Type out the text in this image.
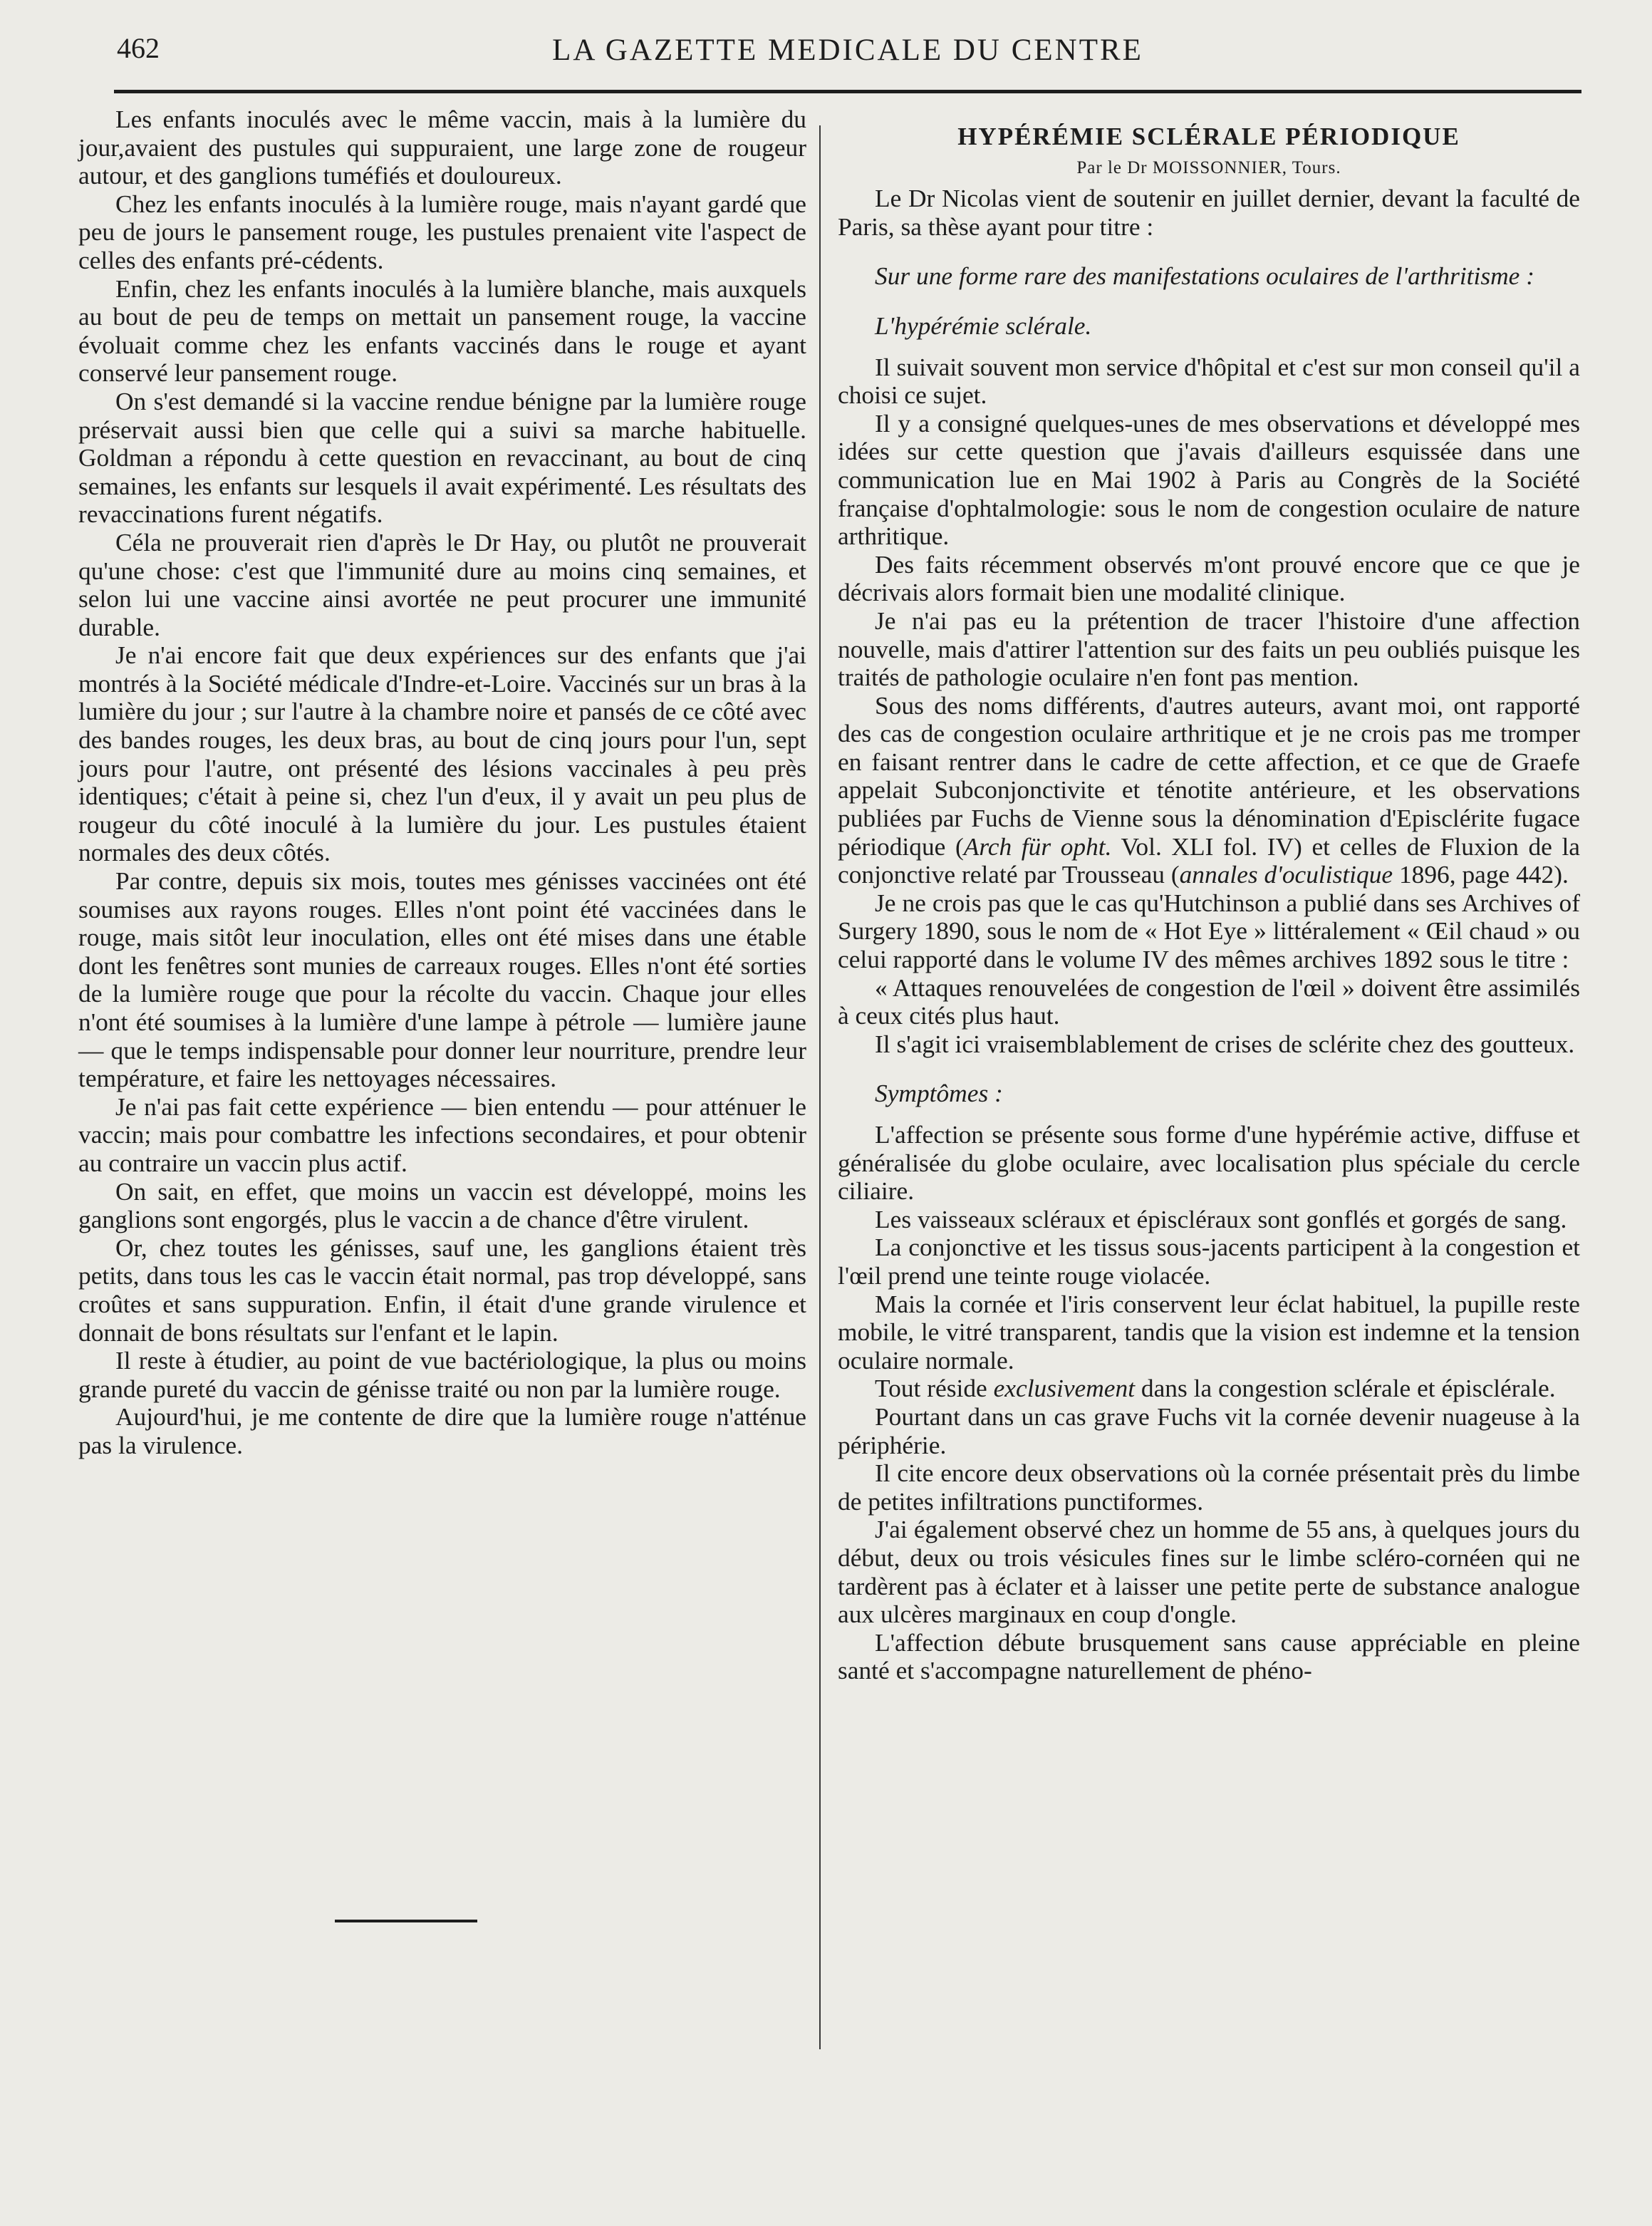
462	LA GAZETTE MEDICALE DU CENTRE

Les enfants inoculés avec le même vaccin, mais à la lumière du jour,avaient des pustules qui suppuraient, une large zone de rougeur autour, et des ganglions tuméfiés et douloureux.

Chez les enfants inoculés à la lumière rouge, mais n'ayant gardé que peu de jours le pansement rouge, les pustules prenaient vite l'aspect de celles des enfants pré-cédents.

Enfin, chez les enfants inoculés à la lumière blanche, mais auxquels au bout de peu de temps on mettait un pansement rouge, la vaccine évoluait comme chez les enfants vaccinés dans le rouge et ayant conservé leur pansement rouge.

On s'est demandé si la vaccine rendue bénigne par la lumière rouge préservait aussi bien que celle qui a suivi sa marche habituelle. Goldman a répondu à cette question en revaccinant, au bout de cinq semaines, les enfants sur lesquels il avait expérimenté. Les résultats des revaccinations furent négatifs.

Céla ne prouverait rien d'après le Dr Hay, ou plutôt ne prouverait qu'une chose: c'est que l'immunité dure au moins cinq semaines, et selon lui une vaccine ainsi avortée ne peut procurer une immunité durable.

Je n'ai encore fait que deux expériences sur des enfants que j'ai montrés à la Société médicale d'Indre-et-Loire. Vaccinés sur un bras à la lumière du jour ; sur l'autre à la chambre noire et pansés de ce côté avec des bandes rouges, les deux bras, au bout de cinq jours pour l'un, sept jours pour l'autre, ont présenté des lésions vaccinales à peu près identiques; c'était à peine si, chez l'un d'eux, il y avait un peu plus de rougeur du côté inoculé à la lumière du jour. Les pustules étaient normales des deux côtés.

Par contre, depuis six mois, toutes mes génisses vaccinées ont été soumises aux rayons rouges. Elles n'ont point été vaccinées dans le rouge, mais sitôt leur inoculation, elles ont été mises dans une étable dont les fenêtres sont munies de carreaux rouges. Elles n'ont été sorties de la lumière rouge que pour la récolte du vaccin. Chaque jour elles n'ont été soumises à la lumière d'une lampe à pétrole — lumière jaune — que le temps indispensable pour donner leur nourriture, prendre leur température, et faire les nettoyages nécessaires.

Je n'ai pas fait cette expérience — bien entendu — pour atténuer le vaccin; mais pour combattre les infections secondaires, et pour obtenir au contraire un vaccin plus actif.

On sait, en effet, que moins un vaccin est développé, moins les ganglions sont engorgés, plus le vaccin a de chance d'être virulent.

Or, chez toutes les génisses, sauf une, les ganglions étaient très petits, dans tous les cas le vaccin était normal, pas trop développé, sans croûtes et sans suppuration. Enfin, il était d'une grande virulence et donnait de bons résultats sur l'enfant et le lapin.

Il reste à étudier, au point de vue bactériologique, la plus ou moins grande pureté du vaccin de génisse traité ou non par la lumière rouge.

Aujourd'hui, je me contente de dire que la lumière rouge n'atténue pas la virulence.

HYPÉRÉMIE SCLÉRALE PÉRIODIQUE

Par le Dr MOISSONNIER, Tours.

Le Dr Nicolas vient de soutenir en juillet dernier, devant la faculté de Paris, sa thèse ayant pour titre :

Sur une forme rare des manifestations oculaires de l'arthritisme :

L'hypérémie sclérale.

Il suivait souvent mon service d'hôpital et c'est sur mon conseil qu'il a choisi ce sujet.

Il y a consigné quelques-unes de mes observations et développé mes idées sur cette question que j'avais d'ailleurs esquissée dans une communication lue en Mai 1902 à Paris au Congrès de la Société française d'ophtalmologie: sous le nom de congestion oculaire de nature arthritique.

Des faits récemment observés m'ont prouvé encore que ce que je décrivais alors formait bien une modalité clinique.

Je n'ai pas eu la prétention de tracer l'histoire d'une affection nouvelle, mais d'attirer l'attention sur des faits un peu oubliés puisque les traités de pathologie oculaire n'en font pas mention.

Sous des noms différents, d'autres auteurs, avant moi, ont rapporté des cas de congestion oculaire arthritique et je ne crois pas me tromper en faisant rentrer dans le cadre de cette affection, et ce que de Graefe appelait Subconjonctivite et ténotite antérieure, et les observations publiées par Fuchs de Vienne sous la dénomination d'Episclérite fugace périodique (Arch für opht. Vol. XLI fol. IV) et celles de Fluxion de la conjonctive relaté par Trousseau (annales d'oculistique 1896, page 442).

Je ne crois pas que le cas qu'Hutchinson a publié dans ses Archives of Surgery 1890, sous le nom de « Hot Eye » littéralement « Œil chaud » ou celui rapporté dans le volume IV des mêmes archives 1892 sous le titre :

« Attaques renouvelées de congestion de l'œil » doivent être assimilés à ceux cités plus haut.

Il s'agit ici vraisemblablement de crises de sclérite chez des goutteux.

Symptômes :

L'affection se présente sous forme d'une hypérémie active, diffuse et généralisée du globe oculaire, avec localisation plus spéciale du cercle ciliaire.

Les vaisseaux scléraux et épiscléraux sont gonflés et gorgés de sang.

La conjonctive et les tissus sous-jacents participent à la congestion et l'œil prend une teinte rouge violacée.

Mais la cornée et l'iris conservent leur éclat habituel, la pupille reste mobile, le vitré transparent, tandis que la vision est indemne et la tension oculaire normale.

Tout réside exclusivement dans la congestion sclérale et épisclérale.

Pourtant dans un cas grave Fuchs vit la cornée devenir nuageuse à la périphérie.

Il cite encore deux observations où la cornée présentait près du limbe de petites infiltrations punctiformes.

J'ai également observé chez un homme de 55 ans, à quelques jours du début, deux ou trois vésicules fines sur le limbe scléro-cornéen qui ne tardèrent pas à éclater et à laisser une petite perte de substance analogue aux ulcères marginaux en coup d'ongle.

L'affection débute brusquement sans cause appréciable en pleine santé et s'accompagne naturellement de phéno-
